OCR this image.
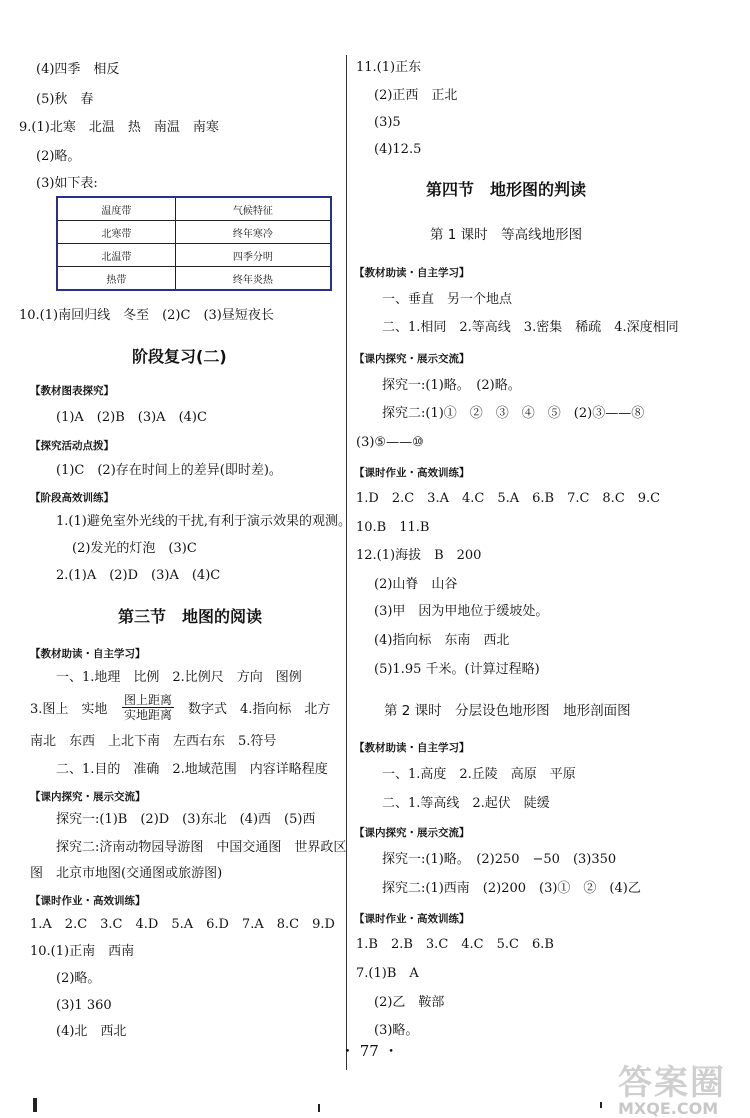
(4)四季　相反
(5)秋　春
9.(1)北寒　北温　热　南温　南寒
(2)略。
(3)如下表:
温度带	气候特征
北寒带	终年寒冷
北温带	四季分明
热带	终年炎热
10.(1)南回归线　冬至　(2)C　(3)昼短夜长
阶段复习(二)
【教材图表探究】
(1)A　(2)B　(3)A　(4)C
【探究活动点拨】
(1)C　(2)存在时间上的差异(即时差)。
【阶段高效训练】
1.(1)避免室外光线的干扰,有利于演示效果的观测。
(2)发光的灯泡　(3)C
2.(1)A　(2)D　(3)A　(4)C
第三节　地图的阅读
【教材助读・自主学习】
一、1.地理　比例　2.比例尺　方向　图例
3.图上　实地
图上距离
实地距离 数字式　4.指向标　北方
南北　东西　上北下南　左西右东　5.符号
二、1.目的　准确　2.地域范围　内容详略程度
【课内探究・展示交流】
探究一:(1)B　(2)D　(3)东北　(4)西　(5)西
探究二:济南动物园导游图　中国交通图　世界政区
图　北京市地图(交通图或旅游图)
【课时作业・高效训练】
1.A　2.C　3.C　4.D　5.A　6.D　7.A　8.C　9.D
10.(1)正南　西南
(2)略。
(3)1 360
(4)北　西北
11.(1)正东
(2)正西　正北
(3)5
(4)12.5
第四节　地形图的判读
第 1 课时　等高线地形图
【教材助读・自主学习】
一、垂直　另一个地点
二、1.相同　2.等高线　3.密集　稀疏　4.深度相同
【课内探究・展示交流】
探究一:(1)略。　(2)略。
探究二:(1)①　②　③　④　⑤　(2)③——⑧
(3)⑤——⑩
【课时作业・高效训练】
1.D　2.C　3.A　4.C　5.A　6.B　7.C　8.C　9.C
10.B　11.B
12.(1)海拔　B　200
(2)山脊　山谷
(3)甲　因为甲地位于缓坡处。
(4)指向标　东南　西北
(5)1.95 千米。(计算过程略)
第 2 课时　分层设色地形图　地形剖面图
【教材助读・自主学习】
一、1.高度　2.丘陵　高原　平原
二、1.等高线　2.起伏　陡缓
【课内探究・展示交流】
探究一:(1)略。　(2)250　−50　(3)350
探究二:(1)西南　(2)200　(3)①　②　(4)乙
【课时作业・高效训练】
1.B　2.B　3.C　4.C　5.C　6.B
7.(1)B　A
(2)乙　鞍部
(3)略。
・ 77 ・
答案圈
MXQE.COM
